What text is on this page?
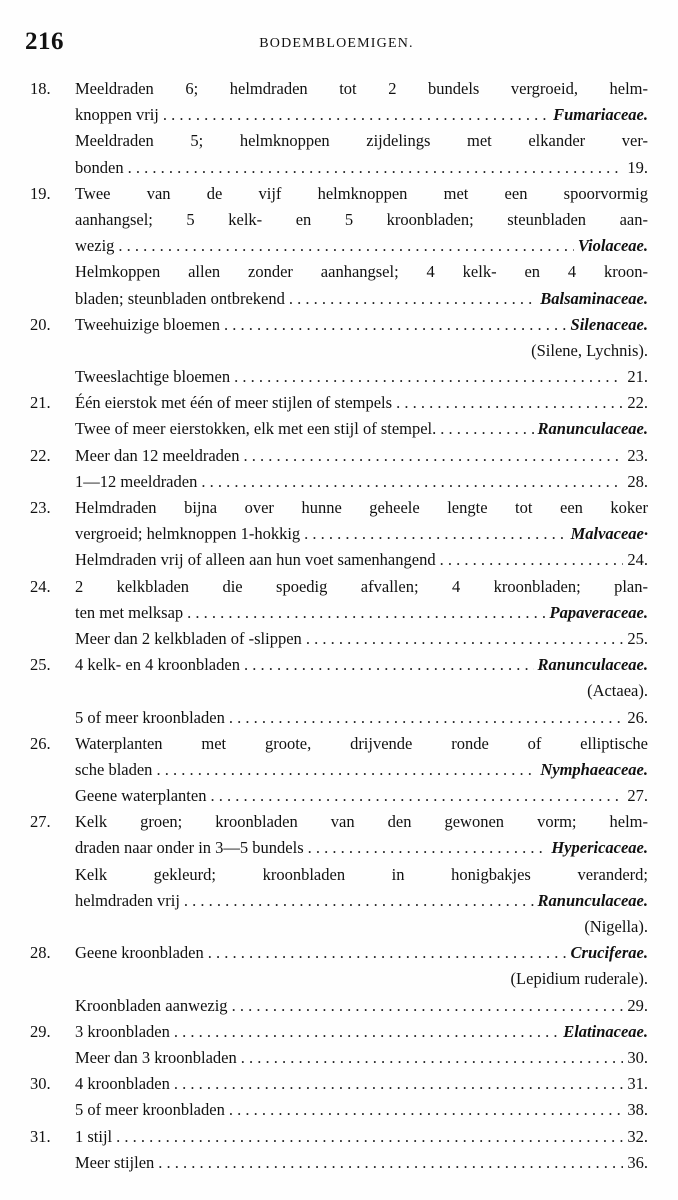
216	BODEMBLOEMIGEN.
18.	Meeldraden 6; helmdraden tot 2 bundels vergroeid, helm-
knoppen vrij . . .	Fumariaceae.
Meeldraden 5; helmknoppen zijdelings met elkander ver-
bonden . . .	19.
19.	Twee van de vijf helmknoppen met een spoorvormig
aanhangsel; 5 kelk- en 5 kroonbladen; steunbladen aan-
wezig . . .	Violaceae.
Helmkoppen allen zonder aanhangsel; 4 kelk- en 4 kroon-
bladen; steunbladen ontbrekend . . .	Balsaminaceae.
20.	Tweehuizige bloemen . . .	Silenaceae.
(Silene, Lychnis).
Tweeslachtige bloemen . . .	21.
21.	Één eierstok met één of meer stijlen of stempels . . .	22.
Twee of meer eierstokken, elk met een stijl of stempel. . . .	Ranunculaceae.
22.	Meer dan 12 meeldraden . . .	23.
1—12 meeldraden . . .	28.
23.	Helmdraden bijna over hunne geheele lengte tot een koker
vergroeid; helmknoppen 1-hokkig . . .	Malvaceae·
Helmdraden vrij of alleen aan hun voet samenhangend . . .	24.
24.	2 kelkbladen die spoedig afvallen; 4 kroonbladen; plan-
ten met melksap . . .	Papaveraceae.
Meer dan 2 kelkbladen of -slippen . . .	25.
25.	4 kelk- en 4 kroonbladen . . .	Ranunculaceae.
(Actaea).
5 of meer kroonbladen . . .	26.
26.	Waterplanten met groote, drijvende ronde of elliptische
sche bladen . . .	Nymphaeaceae.
Geene waterplanten . . .	27.
27.	Kelk groen; kroonbladen van den gewonen vorm; helm-
draden naar onder in 3—5 bundels . . .	Hypericaceae.
Kelk gekleurd; kroonbladen in honigbakjes veranderd;
helmdraden vrij . . .	Ranunculaceae.
(Nigella).
28.	Geene kroonbladen . . .	Cruciferae.
(Lepidium ruderale).
Kroonbladen aanwezig . . .	29.
29.	3 kroonbladen . . .	Elatinaceae.
Meer dan 3 kroonbladen . . .	30.
30.	4 kroonbladen . . .	31.
5 of meer kroonbladen . . .	38.
31.	1 stijl . . .	32.
Meer stijlen . . .	36.
